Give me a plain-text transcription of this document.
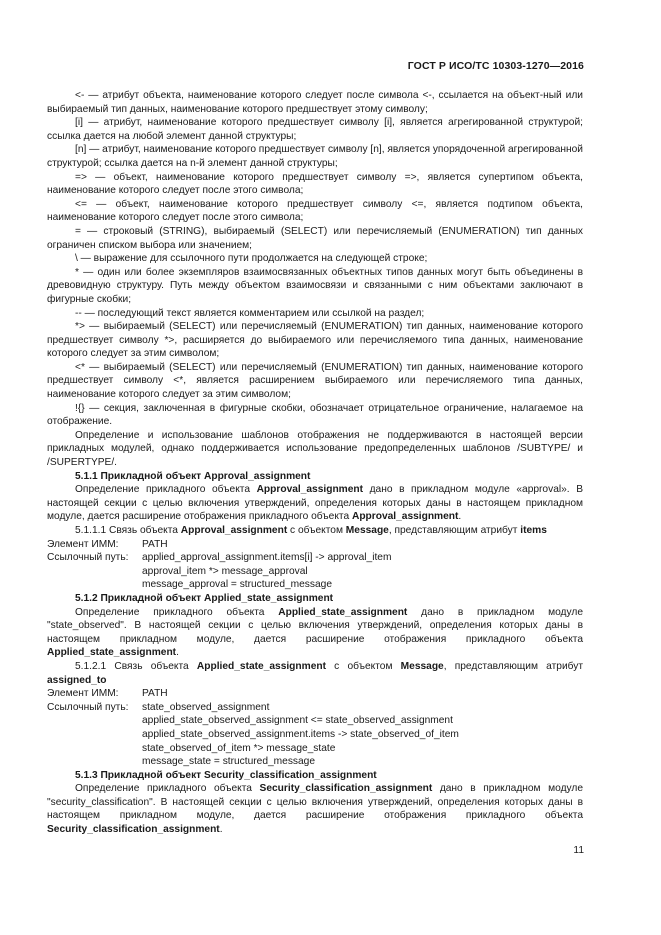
ГОСТ Р ИСО/ТС 10303-1270—2016

<- — атрибут объекта, наименование которого следует после символа <-, ссылается на объект-ный или выбираемый тип данных, наименование которого предшествует этому символу;

[i] — атрибут, наименование которого предшествует символу [i], является агрегированной структурой; ссылка дается на любой элемент данной структуры;

[n] — атрибут, наименование которого предшествует символу [n], является упорядоченной агрегированной структурой; ссылка дается на n-й элемент данной структуры;

=> — объект, наименование которого предшествует символу =>, является супертипом объекта, наименование которого следует после этого символа;

<= — объект, наименование которого предшествует символу <=, является подтипом объекта, наименование которого следует после этого символа;

= — строковый (STRING), выбираемый (SELECT) или перечисляемый (ENUMERATION) тип данных ограничен списком выбора или значением;

\ — выражение для ссылочного пути продолжается на следующей строке;

* — один или более экземпляров взаимосвязанных объектных типов данных могут быть объединены в древовидную структуру. Путь между объектом взаимосвязи и связанными с ним объектами заключают в фигурные скобки;

-- — последующий текст является комментарием или ссылкой на раздел;

*> — выбираемый (SELECT) или перечисляемый (ENUMERATION) тип данных, наименование которого предшествует символу *>, расширяется до выбираемого или перечисляемого типа данных, наименование которого следует за этим символом;

<* — выбираемый (SELECT) или перечисляемый (ENUMERATION) тип данных, наименование которого предшествует символу <*, является расширением выбираемого или перечисляемого типа данных, наименование которого следует за этим символом;

!{} — секция, заключенная в фигурные скобки, обозначает отрицательное ограничение, налагаемое на отображение.

Определение и использование шаблонов отображения не поддерживаются в настоящей версии прикладных модулей, однако поддерживается использование предопределенных шаблонов /SUBTYPE/ и /SUPERTYPE/.

5.1.1 Прикладной объект Approval_assignment

Определение прикладного объекта Approval_assignment дано в прикладном модуле «approval». В настоящей секции с целью включения утверждений, определения которых даны в настоящем прикладном модуле, дается расширение отображения прикладного объекта Approval_assignment.

5.1.1.1 Связь объекта Approval_assignment с объектом Message, представляющим атрибут items

Элемент ИММ: PATH

Ссылочный путь: applied_approval_assignment.items[i] -> approval_item

approval_item *> message_approval

message_approval = structured_message

5.1.2 Прикладной объект Applied_state_assignment

Определение прикладного объекта Applied_state_assignment дано в прикладном модуле "state_observed". В настоящей секции с целью включения утверждений, определения которых даны в настоящем прикладном модуле, дается расширение отображения прикладного объекта Applied_state_assignment.

5.1.2.1 Связь объекта Applied_state_assignment с объектом Message, представляющим атрибут assigned_to

Элемент ИММ: PATH

Ссылочный путь: state_observed_assignment

applied_state_observed_assignment <= state_observed_assignment

applied_state_observed_assignment.items -> state_observed_of_item

state_observed_of_item *> message_state

message_state = structured_message

5.1.3 Прикладной объект Security_classification_assignment

Определение прикладного объекта Security_classification_assignment дано в прикладном модуле "security_classification". В настоящей секции с целью включения утверждений, определения которых даны в настоящем прикладном модуле, дается расширение отображения прикладного объекта Security_classification_assignment.

11
